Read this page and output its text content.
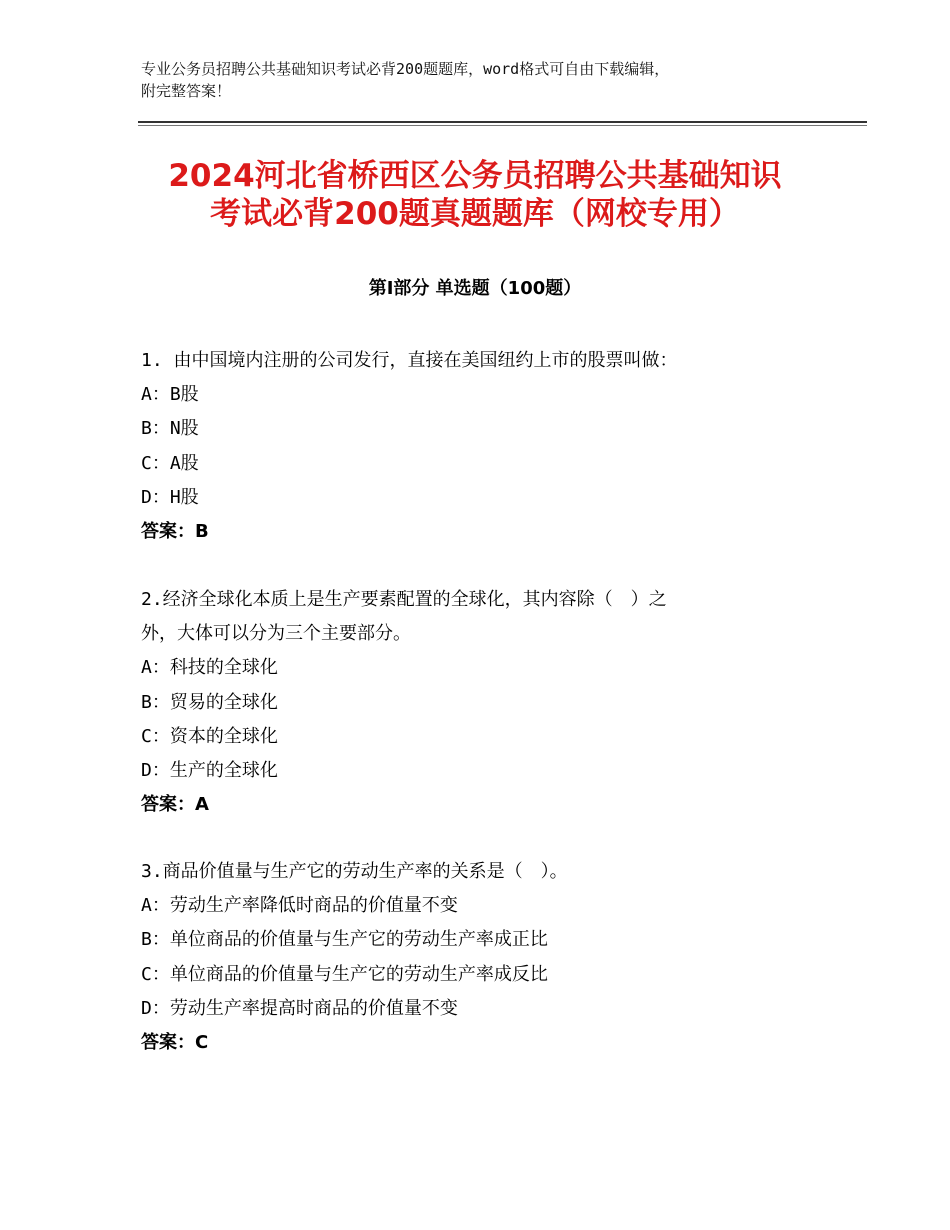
专业公务员招聘公共基础知识考试必背200题题库，word格式可自由下载编辑，
附完整答案！
2024河北省桥西区公务员招聘公共基础知识
考试必背200题真题题库（网校专用）
第Ⅰ部分 单选题（100题）
1. 由中国境内注册的公司发行，直接在美国纽约上市的股票叫做：
A：B股
B：N股
C：A股
D：H股
答案：B
2.经济全球化本质上是生产要素配置的全球化，其内容除（　）之
外，大体可以分为三个主要部分。
A：科技的全球化
B：贸易的全球化
C：资本的全球化
D：生产的全球化
答案：A
3.商品价值量与生产它的劳动生产率的关系是（　）。
A：劳动生产率降低时商品的价值量不变
B：单位商品的价值量与生产它的劳动生产率成正比
C：单位商品的价值量与生产它的劳动生产率成反比
D：劳动生产率提高时商品的价值量不变
答案：C
